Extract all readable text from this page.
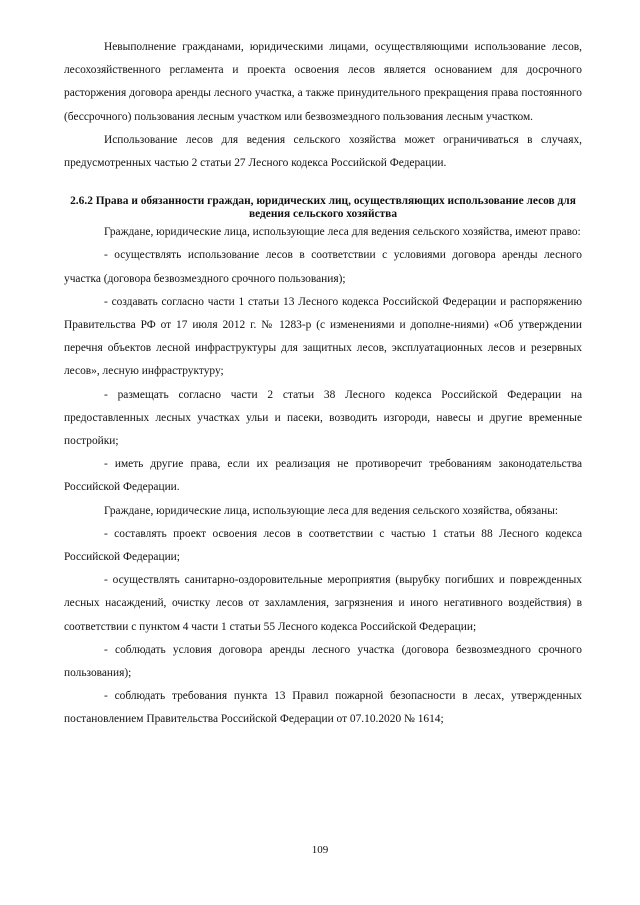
Невыполнение гражданами, юридическими лицами, осуществляющими использование лесов, лесохозяйственного регламента и проекта освоения лесов является основанием для досрочного расторжения договора аренды лесного участка, а также принудительного прекращения права постоянного (бессрочного) пользования лесным участком или безвозмездного пользования лесным участком.

Использование лесов для ведения сельского хозяйства может ограничиваться в случаях, предусмотренных частью 2 статьи 27 Лесного кодекса Российской Федерации.

2.6.2 Права и обязанности граждан, юридических лиц, осуществляющих использование лесов для ведения сельского хозяйства

Граждане, юридические лица, использующие леса для ведения сельского хозяйства, имеют право:

- осуществлять использование лесов в соответствии с условиями договора аренды лесного участка (договора безвозмездного срочного пользования);

- создавать согласно части 1 статьи 13 Лесного кодекса Российской Федерации и распоряжению Правительства РФ от 17 июля 2012 г. № 1283-р (с изменениями и дополне-ниями) «Об утверждении перечня объектов лесной инфраструктуры для защитных лесов, эксплуатационных лесов и резервных лесов», лесную инфраструктуру;

- размещать согласно части 2 статьи 38 Лесного кодекса Российской Федерации на предоставленных лесных участках ульи и пасеки, возводить изгороди, навесы и другие временные постройки;

- иметь другие права, если их реализация не противоречит требованиям законодательства Российской Федерации.

Граждане, юридические лица, использующие леса для ведения сельского хозяйства, обязаны:

- составлять проект освоения лесов в соответствии с частью 1 статьи 88 Лесного кодекса Российской Федерации;

- осуществлять санитарно-оздоровительные мероприятия (вырубку погибших и поврежденных лесных насаждений, очистку лесов от захламления, загрязнения и иного негативного воздействия) в соответствии с пунктом 4 части 1 статьи 55 Лесного кодекса Российской Федерации;

- соблюдать условия договора аренды лесного участка (договора безвозмездного срочного пользования);

- соблюдать требования пункта 13 Правил пожарной безопасности в лесах, утвержденных постановлением Правительства Российской Федерации от 07.10.2020 № 1614;

109
